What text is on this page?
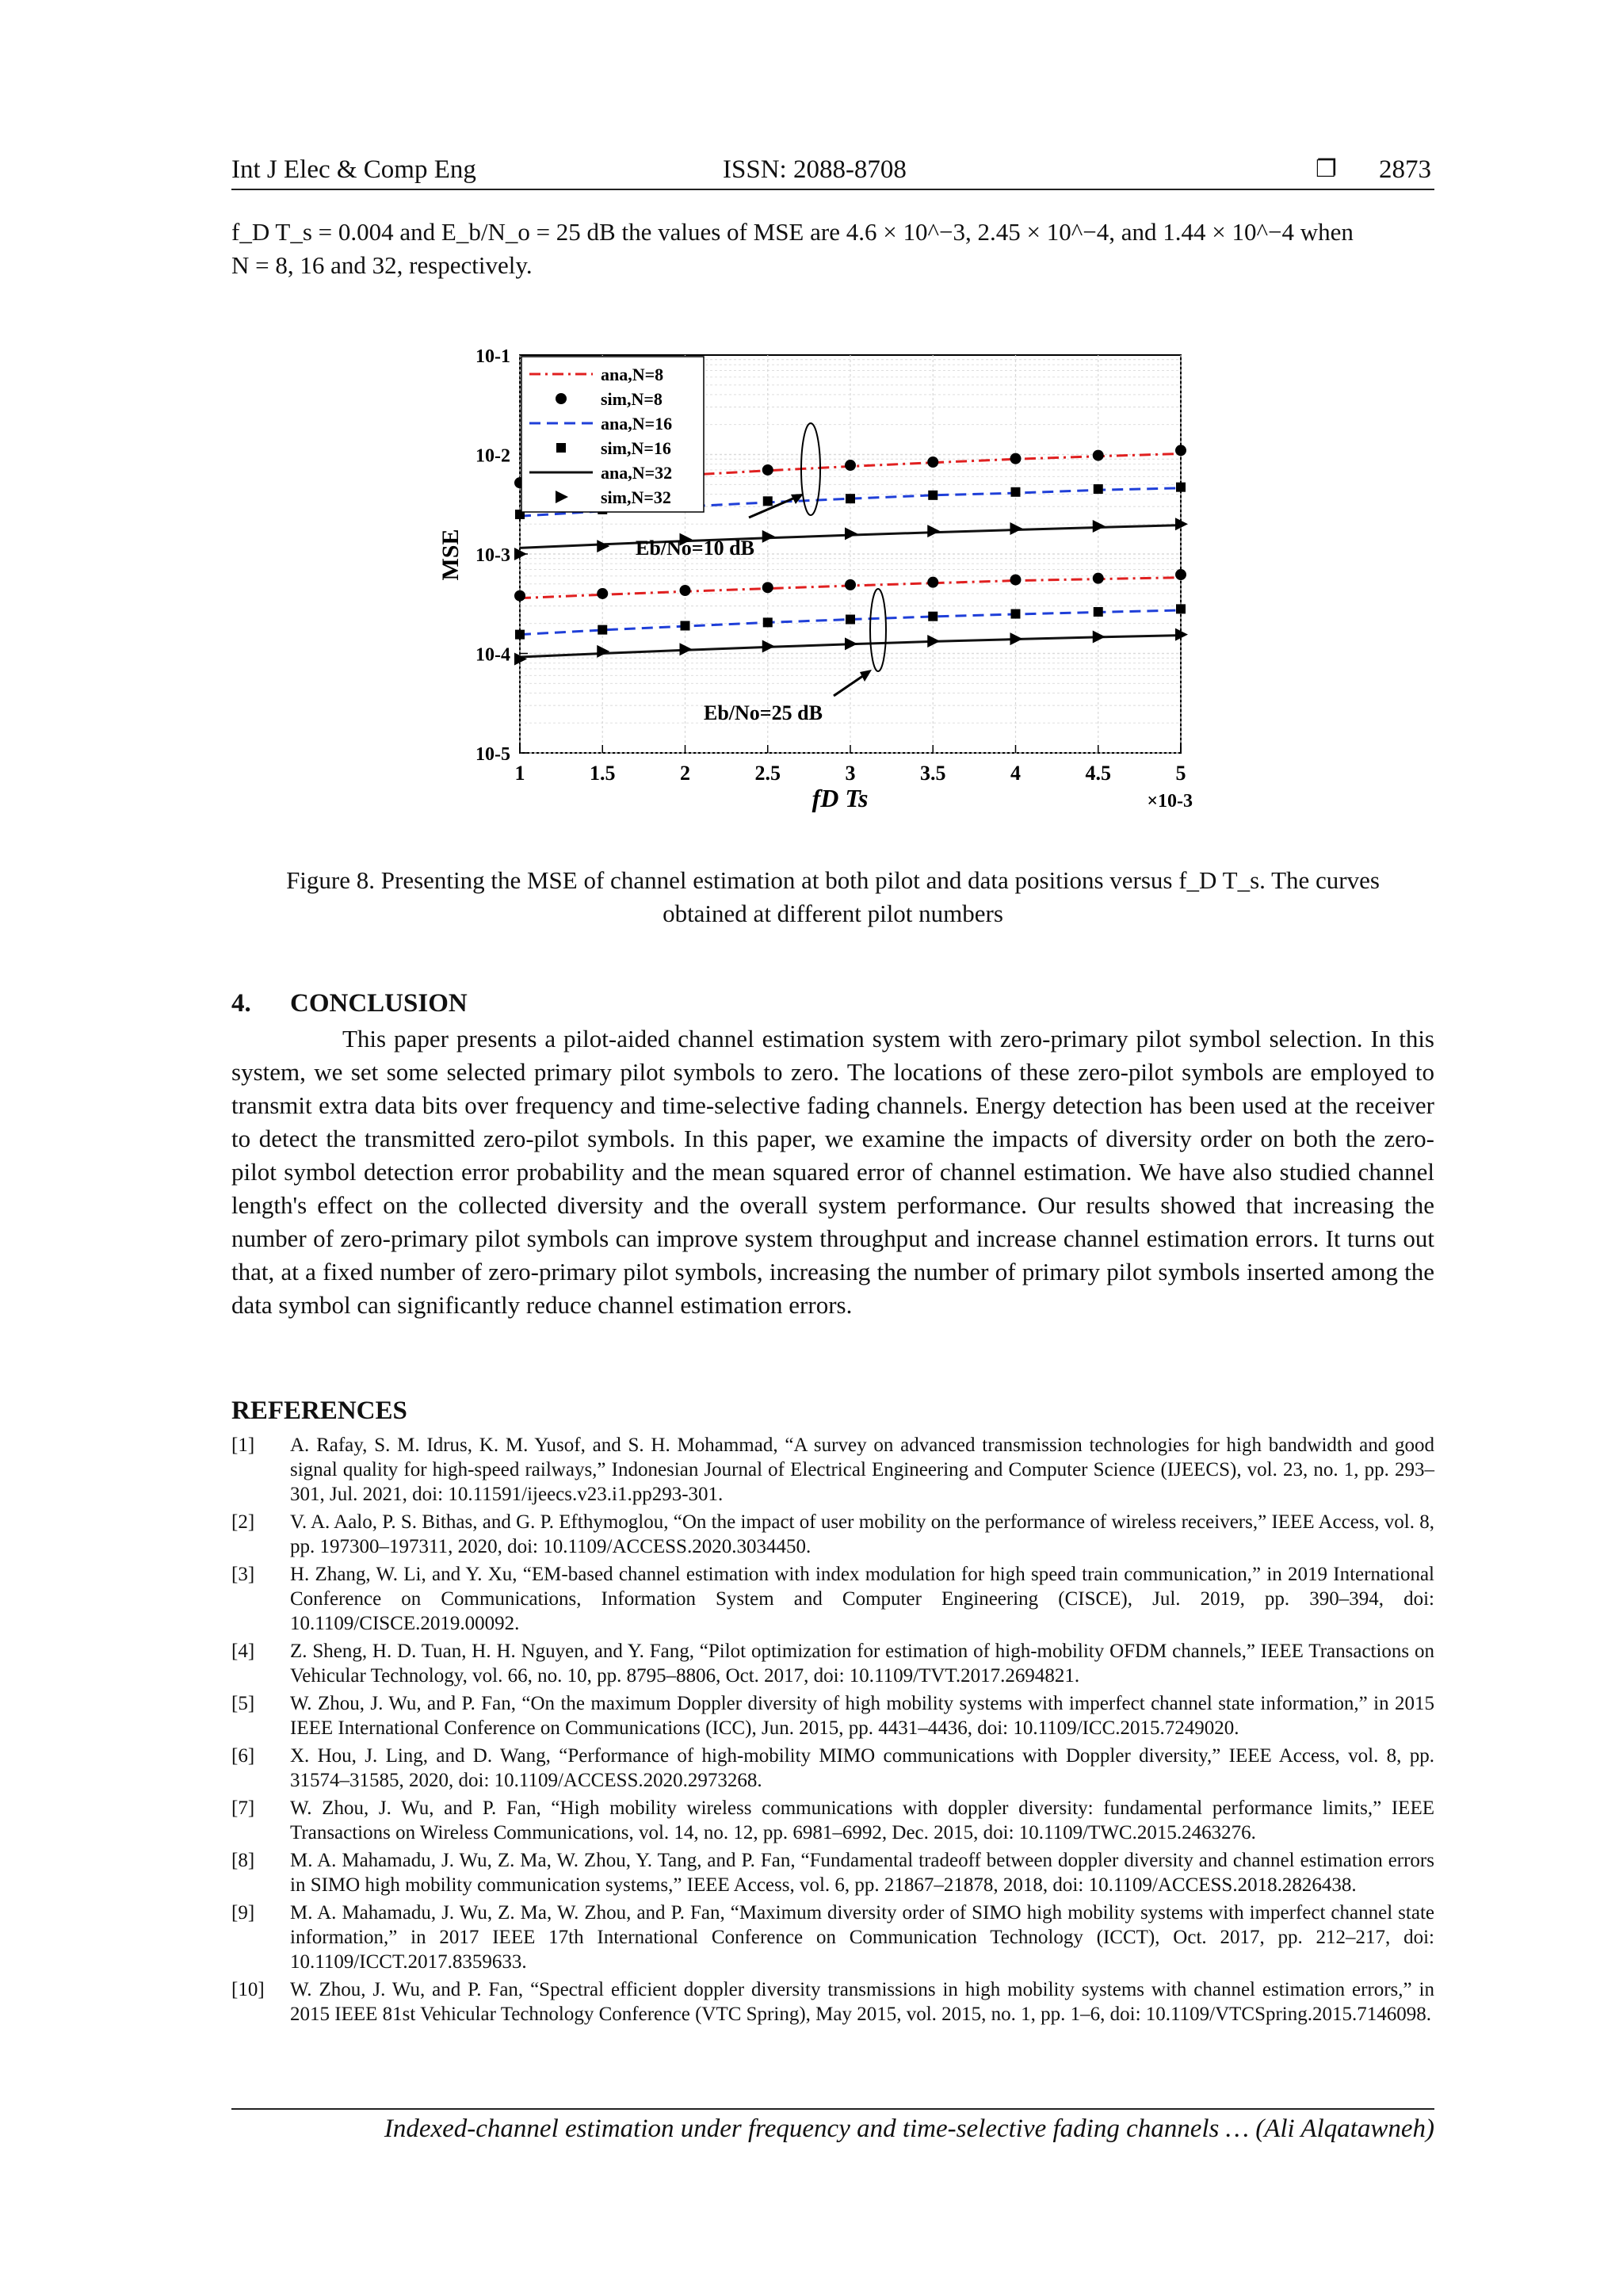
Int J Elec & Comp Eng	ISSN: 2088-8708	❐ 2873
f_D T_s = 0.004 and E_b/N_o = 25 dB the values of MSE are 4.6 × 10^−3, 2.45 × 10^−4, and 1.44 × 10^−4 when
N = 8, 16 and 32, respectively.
1	1.5	2	2.5	3	3.5	4	4.5	5
10-1
10-2
10-3
10-4
10-5
MSE
fD Ts	×10-3
ana,N=8
sim,N=8
ana,N=16
sim,N=16
ana,N=32
sim,N=32
Eb/No=10 dB
Eb/No=25 dB
Figure 8. Presenting the MSE of channel estimation at both pilot and data positions versus f_D T_s. The curves
obtained at different pilot numbers
4. CONCLUSION
This paper presents a pilot-aided channel estimation system with zero-primary pilot symbol selection. In this system, we set some selected primary pilot symbols to zero. The locations of these zero-pilot symbols are employed to transmit extra data bits over frequency and time-selective fading channels. Energy detection has been used at the receiver to detect the transmitted zero-pilot symbols. In this paper, we examine the impacts of diversity order on both the zero-pilot symbol detection error probability and the mean squared error of channel estimation. We have also studied channel length's effect on the collected diversity and the overall system performance. Our results showed that increasing the number of zero-primary pilot symbols can improve system throughput and increase channel estimation errors. It turns out that, at a fixed number of zero-primary pilot symbols, increasing the number of primary pilot symbols inserted among the data symbol can significantly reduce channel estimation errors.
REFERENCES
[1]	A. Rafay, S. M. Idrus, K. M. Yusof, and S. H. Mohammad, “A survey on advanced transmission technologies for high bandwidth and good signal quality for high-speed railways,” Indonesian Journal of Electrical Engineering and Computer Science (IJEECS), vol. 23, no. 1, pp. 293–301, Jul. 2021, doi: 10.11591/ijeecs.v23.i1.pp293-301.
[2]	V. A. Aalo, P. S. Bithas, and G. P. Efthymoglou, “On the impact of user mobility on the performance of wireless receivers,” IEEE Access, vol. 8, pp. 197300–197311, 2020, doi: 10.1109/ACCESS.2020.3034450.
[3]	H. Zhang, W. Li, and Y. Xu, “EM-based channel estimation with index modulation for high speed train communication,” in 2019 International Conference on Communications, Information System and Computer Engineering (CISCE), Jul. 2019, pp. 390–394, doi: 10.1109/CISCE.2019.00092.
[4]	Z. Sheng, H. D. Tuan, H. H. Nguyen, and Y. Fang, “Pilot optimization for estimation of high-mobility OFDM channels,” IEEE Transactions on Vehicular Technology, vol. 66, no. 10, pp. 8795–8806, Oct. 2017, doi: 10.1109/TVT.2017.2694821.
[5]	W. Zhou, J. Wu, and P. Fan, “On the maximum Doppler diversity of high mobility systems with imperfect channel state information,” in 2015 IEEE International Conference on Communications (ICC), Jun. 2015, pp. 4431–4436, doi: 10.1109/ICC.2015.7249020.
[6]	X. Hou, J. Ling, and D. Wang, “Performance of high-mobility MIMO communications with Doppler diversity,” IEEE Access, vol. 8, pp. 31574–31585, 2020, doi: 10.1109/ACCESS.2020.2973268.
[7]	W. Zhou, J. Wu, and P. Fan, “High mobility wireless communications with doppler diversity: fundamental performance limits,” IEEE Transactions on Wireless Communications, vol. 14, no. 12, pp. 6981–6992, Dec. 2015, doi: 10.1109/TWC.2015.2463276.
[8]	M. A. Mahamadu, J. Wu, Z. Ma, W. Zhou, Y. Tang, and P. Fan, “Fundamental tradeoff between doppler diversity and channel estimation errors in SIMO high mobility communication systems,” IEEE Access, vol. 6, pp. 21867–21878, 2018, doi: 10.1109/ACCESS.2018.2826438.
[9]	M. A. Mahamadu, J. Wu, Z. Ma, W. Zhou, and P. Fan, “Maximum diversity order of SIMO high mobility systems with imperfect channel state information,” in 2017 IEEE 17th International Conference on Communication Technology (ICCT), Oct. 2017, pp. 212–217, doi: 10.1109/ICCT.2017.8359633.
[10]	W. Zhou, J. Wu, and P. Fan, “Spectral efficient doppler diversity transmissions in high mobility systems with channel estimation errors,” in 2015 IEEE 81st Vehicular Technology Conference (VTC Spring), May 2015, vol. 2015, no. 1, pp. 1–6, doi: 10.1109/VTCSpring.2015.7146098.
Indexed-channel estimation under frequency and time-selective fading channels … (Ali Alqatawneh)
